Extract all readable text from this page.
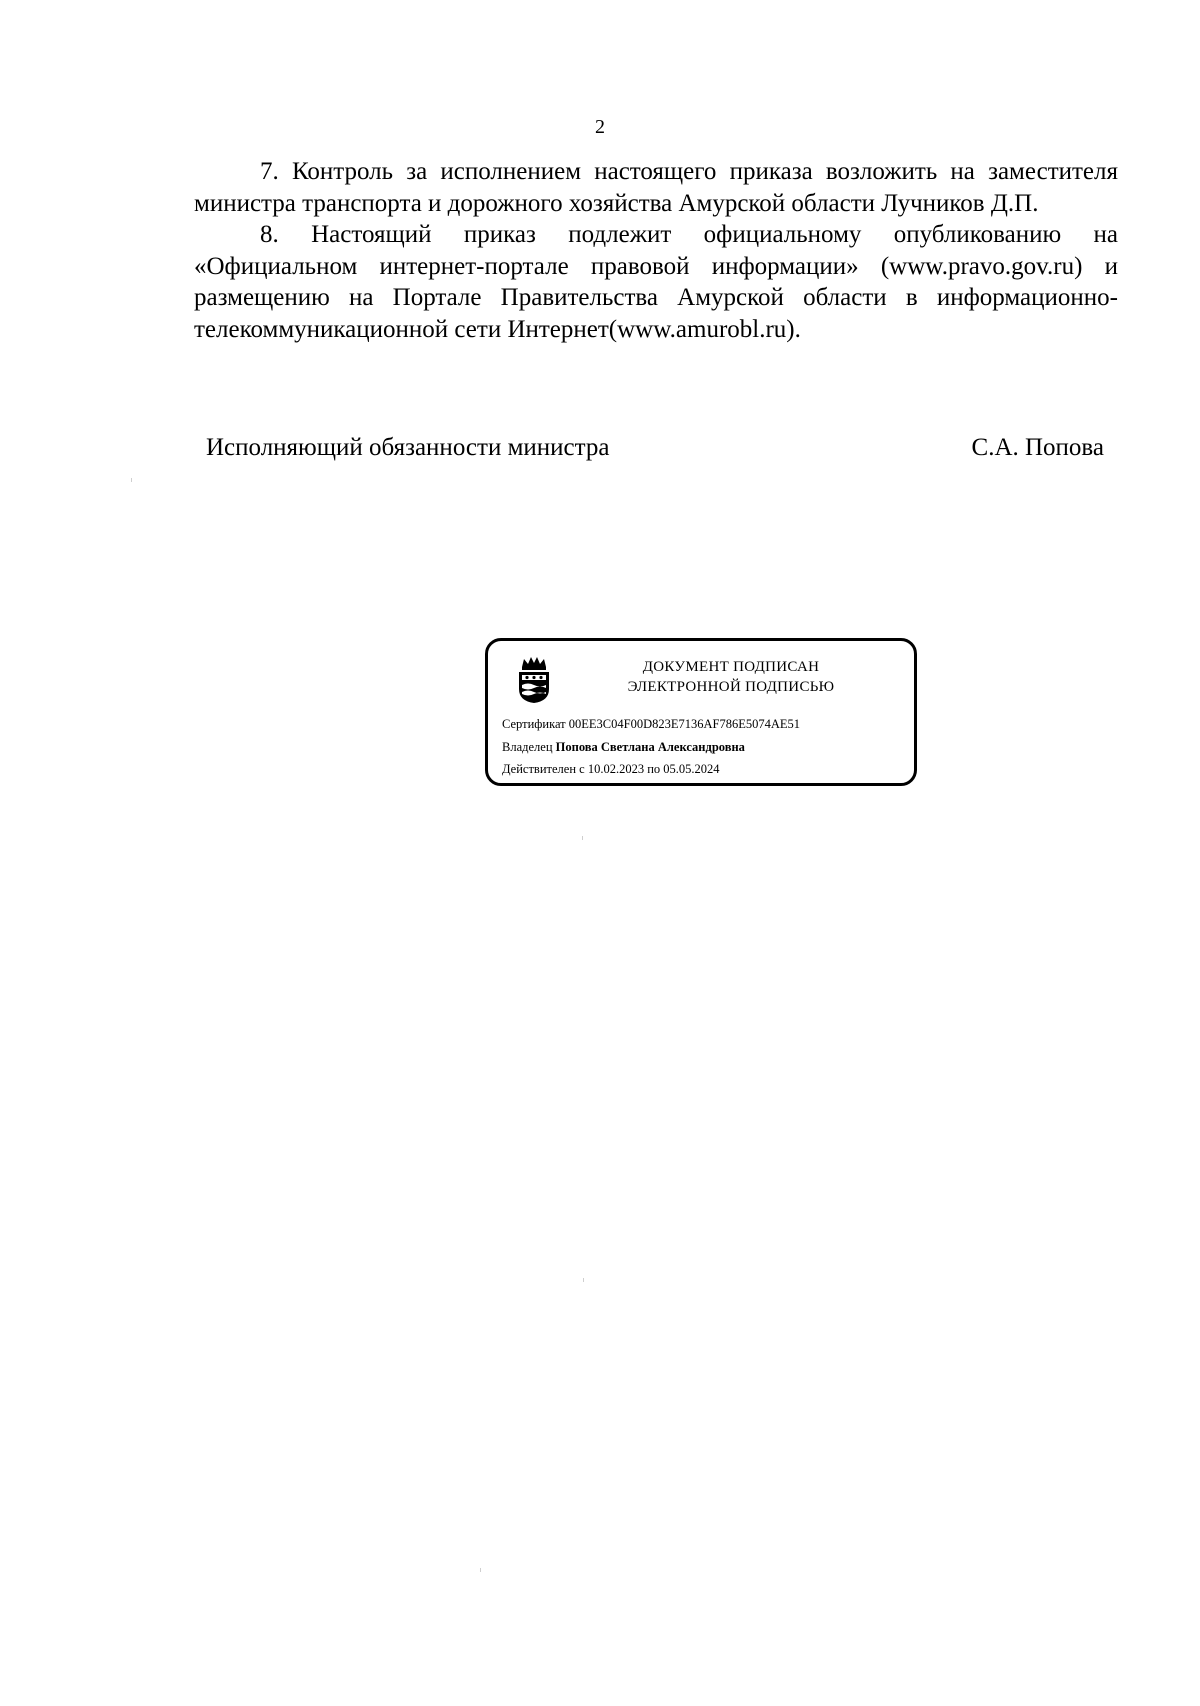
2

7. Контроль за исполнением настоящего приказа возложить на заместителя министра транспорта и дорожного хозяйства Амурской области Лучников Д.П.

8. Настоящий приказ подлежит официальному опубликованию на «Официальном интернет-портале правовой информации» (www.pravo.gov.ru) и размещению на Портале Правительства Амурской области в информационно-телекоммуникационной сети Интернет(www.amurobl.ru).

Исполняющий обязанности министра	С.А. Попова
ДОКУМЕНТ ПОДПИСАН
ЭЛЕКТРОННОЙ ПОДПИСЬЮ
Сертификат 00EE3C04F00D823E7136AF786E5074AE51
Владелец Попова Светлана Александровна
Действителен с 10.02.2023 по 05.05.2024
